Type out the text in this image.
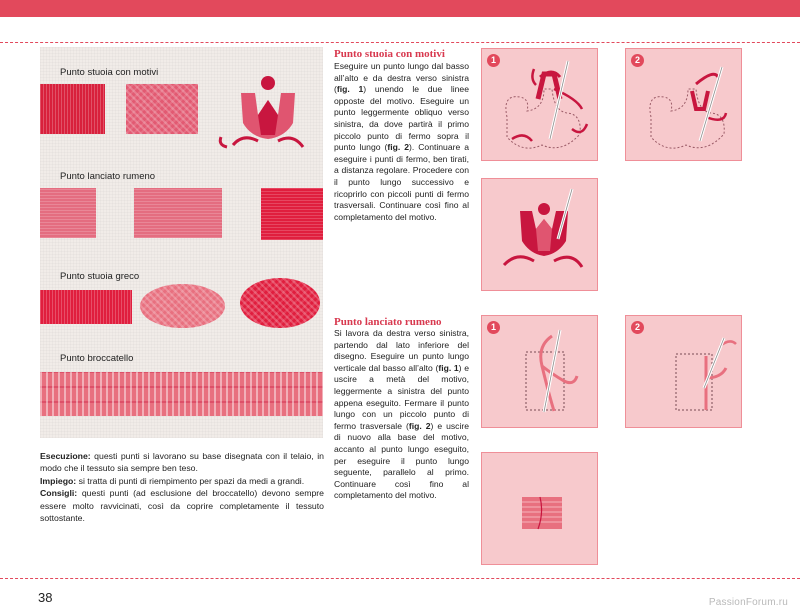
Punto stuoia con motivi
Punto lanciato rumeno
Punto stuoia greco
Punto broccatello

Esecuzione: questi punti si lavorano su base disegnata con il telaio, in modo che il tessuto sia sempre ben teso.

Impiego: si tratta di punti di riempimento per spazi da medi a grandi.

Consigli: questi punti (ad esclusione del broccatello) devono sempre essere molto ravvicinati, così da coprire completamente il tessuto sottostante.

Punto stuoia con motivi
Eseguire un punto lungo dal basso all’alto e da destra verso sinistra (fig. 1) unendo le due linee opposte del motivo. Eseguire un punto leggermente obliquo verso sinistra, da dove partirà il primo piccolo punto di fermo sopra il punto lungo (fig. 2). Continuare a eseguire i punti di fermo, ben tirati, a distanza regolare. Procedere con il punto lungo successivo e ricoprirlo con piccoli punti di fermo trasversali. Continuare così fino al completamento del motivo.
Punto lanciato rumeno
Si lavora da destra verso sinistra, partendo dal lato inferiore del disegno. Eseguire un punto lungo verticale dal basso all’alto (fig. 1) e uscire a metà del motivo, leggermente a sinistra del punto appena eseguito. Fermare il punto lungo con un piccolo punto di fermo trasversale (fig. 2) e uscire di nuovo alla base del motivo, accanto al punto lungo eseguito, per eseguire il punto lungo seguente, parallelo al primo. Continuare così fino al completamento del motivo.
1	2
1	2
38	PassionForum.ru
